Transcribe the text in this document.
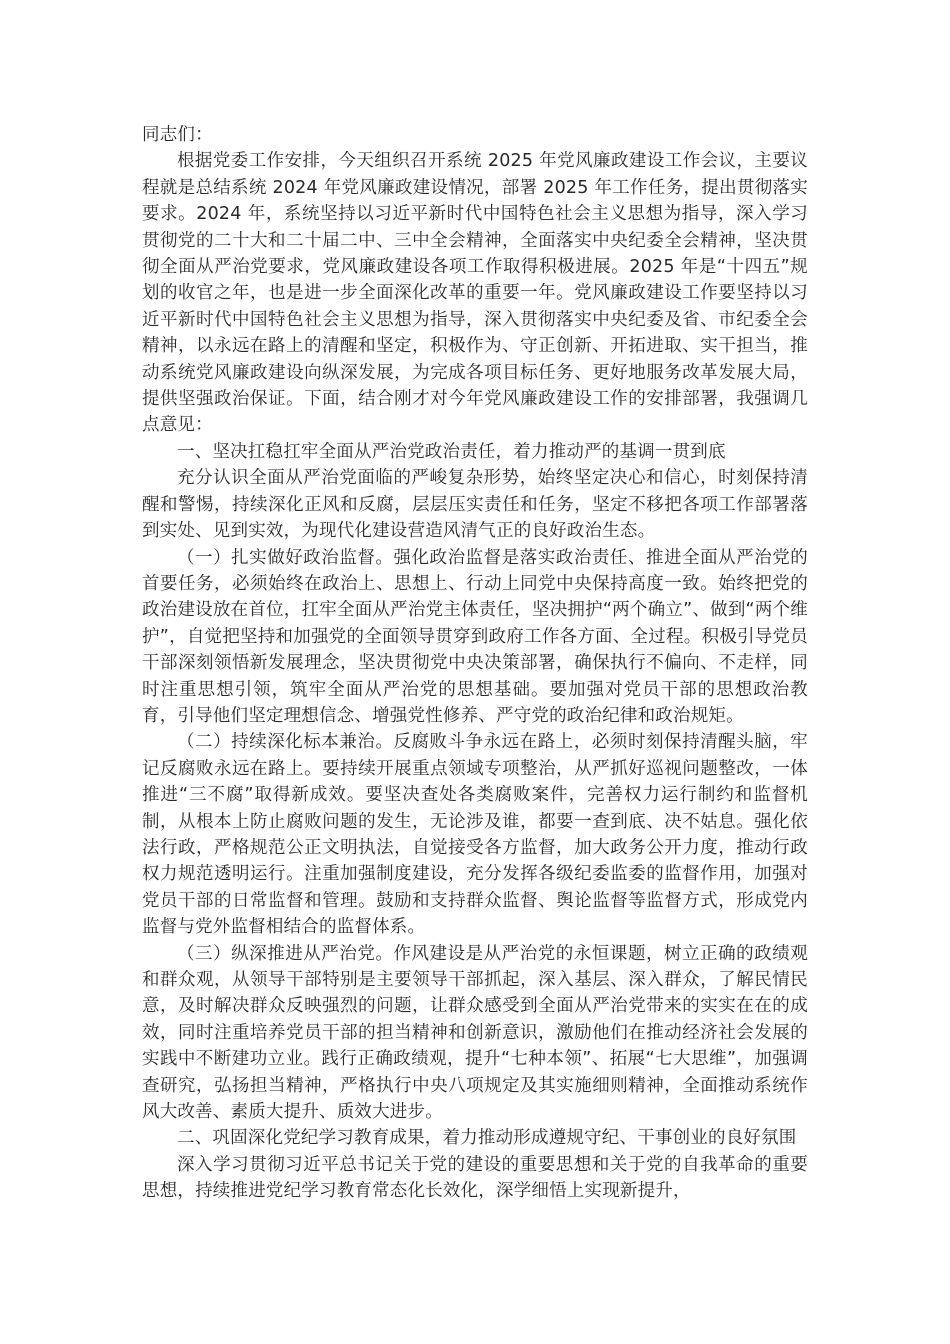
同志们：

根据党委工作安排，今天组织召开系统 2025 年党风廉政建设工作会议，主要议程就是总结系统 2024 年党风廉政建设情况，部署 2025 年工作任务，提出贯彻落实要求。2024 年，系统坚持以习近平新时代中国特色社会主义思想为指导，深入学习贯彻党的二十大和二十届二中、三中全会精神，全面落实中央纪委全会精神，坚决贯彻全面从严治党要求，党风廉政建设各项工作取得积极进展。2025 年是“十四五”规划的收官之年，也是进一步全面深化改革的重要一年。党风廉政建设工作要坚持以习近平新时代中国特色社会主义思想为指导，深入贯彻落实中央纪委及省、市纪委全会精神，以永远在路上的清醒和坚定，积极作为、守正创新、开拓进取、实干担当，推动系统党风廉政建设向纵深发展，为完成各项目标任务、更好地服务改革发展大局，提供坚强政治保证。下面，结合刚才对今年党风廉政建设工作的安排部署，我强调几点意见：

一、坚决扛稳扛牢全面从严治党政治责任，着力推动严的基调一贯到底

充分认识全面从严治党面临的严峻复杂形势，始终坚定决心和信心，时刻保持清醒和警惕，持续深化正风和反腐，层层压实责任和任务，坚定不移把各项工作部署落到实处、见到实效，为现代化建设营造风清气正的良好政治生态。

（一）扎实做好政治监督。强化政治监督是落实政治责任、推进全面从严治党的首要任务，必须始终在政治上、思想上、行动上同党中央保持高度一致。始终把党的政治建设放在首位，扛牢全面从严治党主体责任，坚决拥护“两个确立”、做到“两个维护”，自觉把坚持和加强党的全面领导贯穿到政府工作各方面、全过程。积极引导党员干部深刻领悟新发展理念，坚决贯彻党中央决策部署，确保执行不偏向、不走样，同时注重思想引领，筑牢全面从严治党的思想基础。要加强对党员干部的思想政治教育，引导他们坚定理想信念、增强党性修养、严守党的政治纪律和政治规矩。

（二）持续深化标本兼治。反腐败斗争永远在路上，必须时刻保持清醒头脑，牢记反腐败永远在路上。要持续开展重点领域专项整治，从严抓好巡视问题整改，一体推进“三不腐”取得新成效。要坚决查处各类腐败案件，完善权力运行制约和监督机制，从根本上防止腐败问题的发生，无论涉及谁，都要一查到底、决不姑息。强化依法行政，严格规范公正文明执法，自觉接受各方监督，加大政务公开力度，推动行政权力规范透明运行。注重加强制度建设，充分发挥各级纪委监委的监督作用，加强对党员干部的日常监督和管理。鼓励和支持群众监督、舆论监督等监督方式，形成党内监督与党外监督相结合的监督体系。

（三）纵深推进从严治党。作风建设是从严治党的永恒课题，树立正确的政绩观和群众观，从领导干部特别是主要领导干部抓起，深入基层、深入群众，了解民情民意，及时解决群众反映强烈的问题，让群众感受到全面从严治党带来的实实在在的成效，同时注重培养党员干部的担当精神和创新意识，激励他们在推动经济社会发展的实践中不断建功立业。践行正确政绩观，提升“七种本领”、拓展“七大思维”，加强调查研究，弘扬担当精神，严格执行中央八项规定及其实施细则精神，全面推动系统作风大改善、素质大提升、质效大进步。

二、巩固深化党纪学习教育成果，着力推动形成遵规守纪、干事创业的良好氛围

深入学习贯彻习近平总书记关于党的建设的重要思想和关于党的自我革命的重要思想，持续推进党纪学习教育常态化长效化，深学细悟上实现新提升，
